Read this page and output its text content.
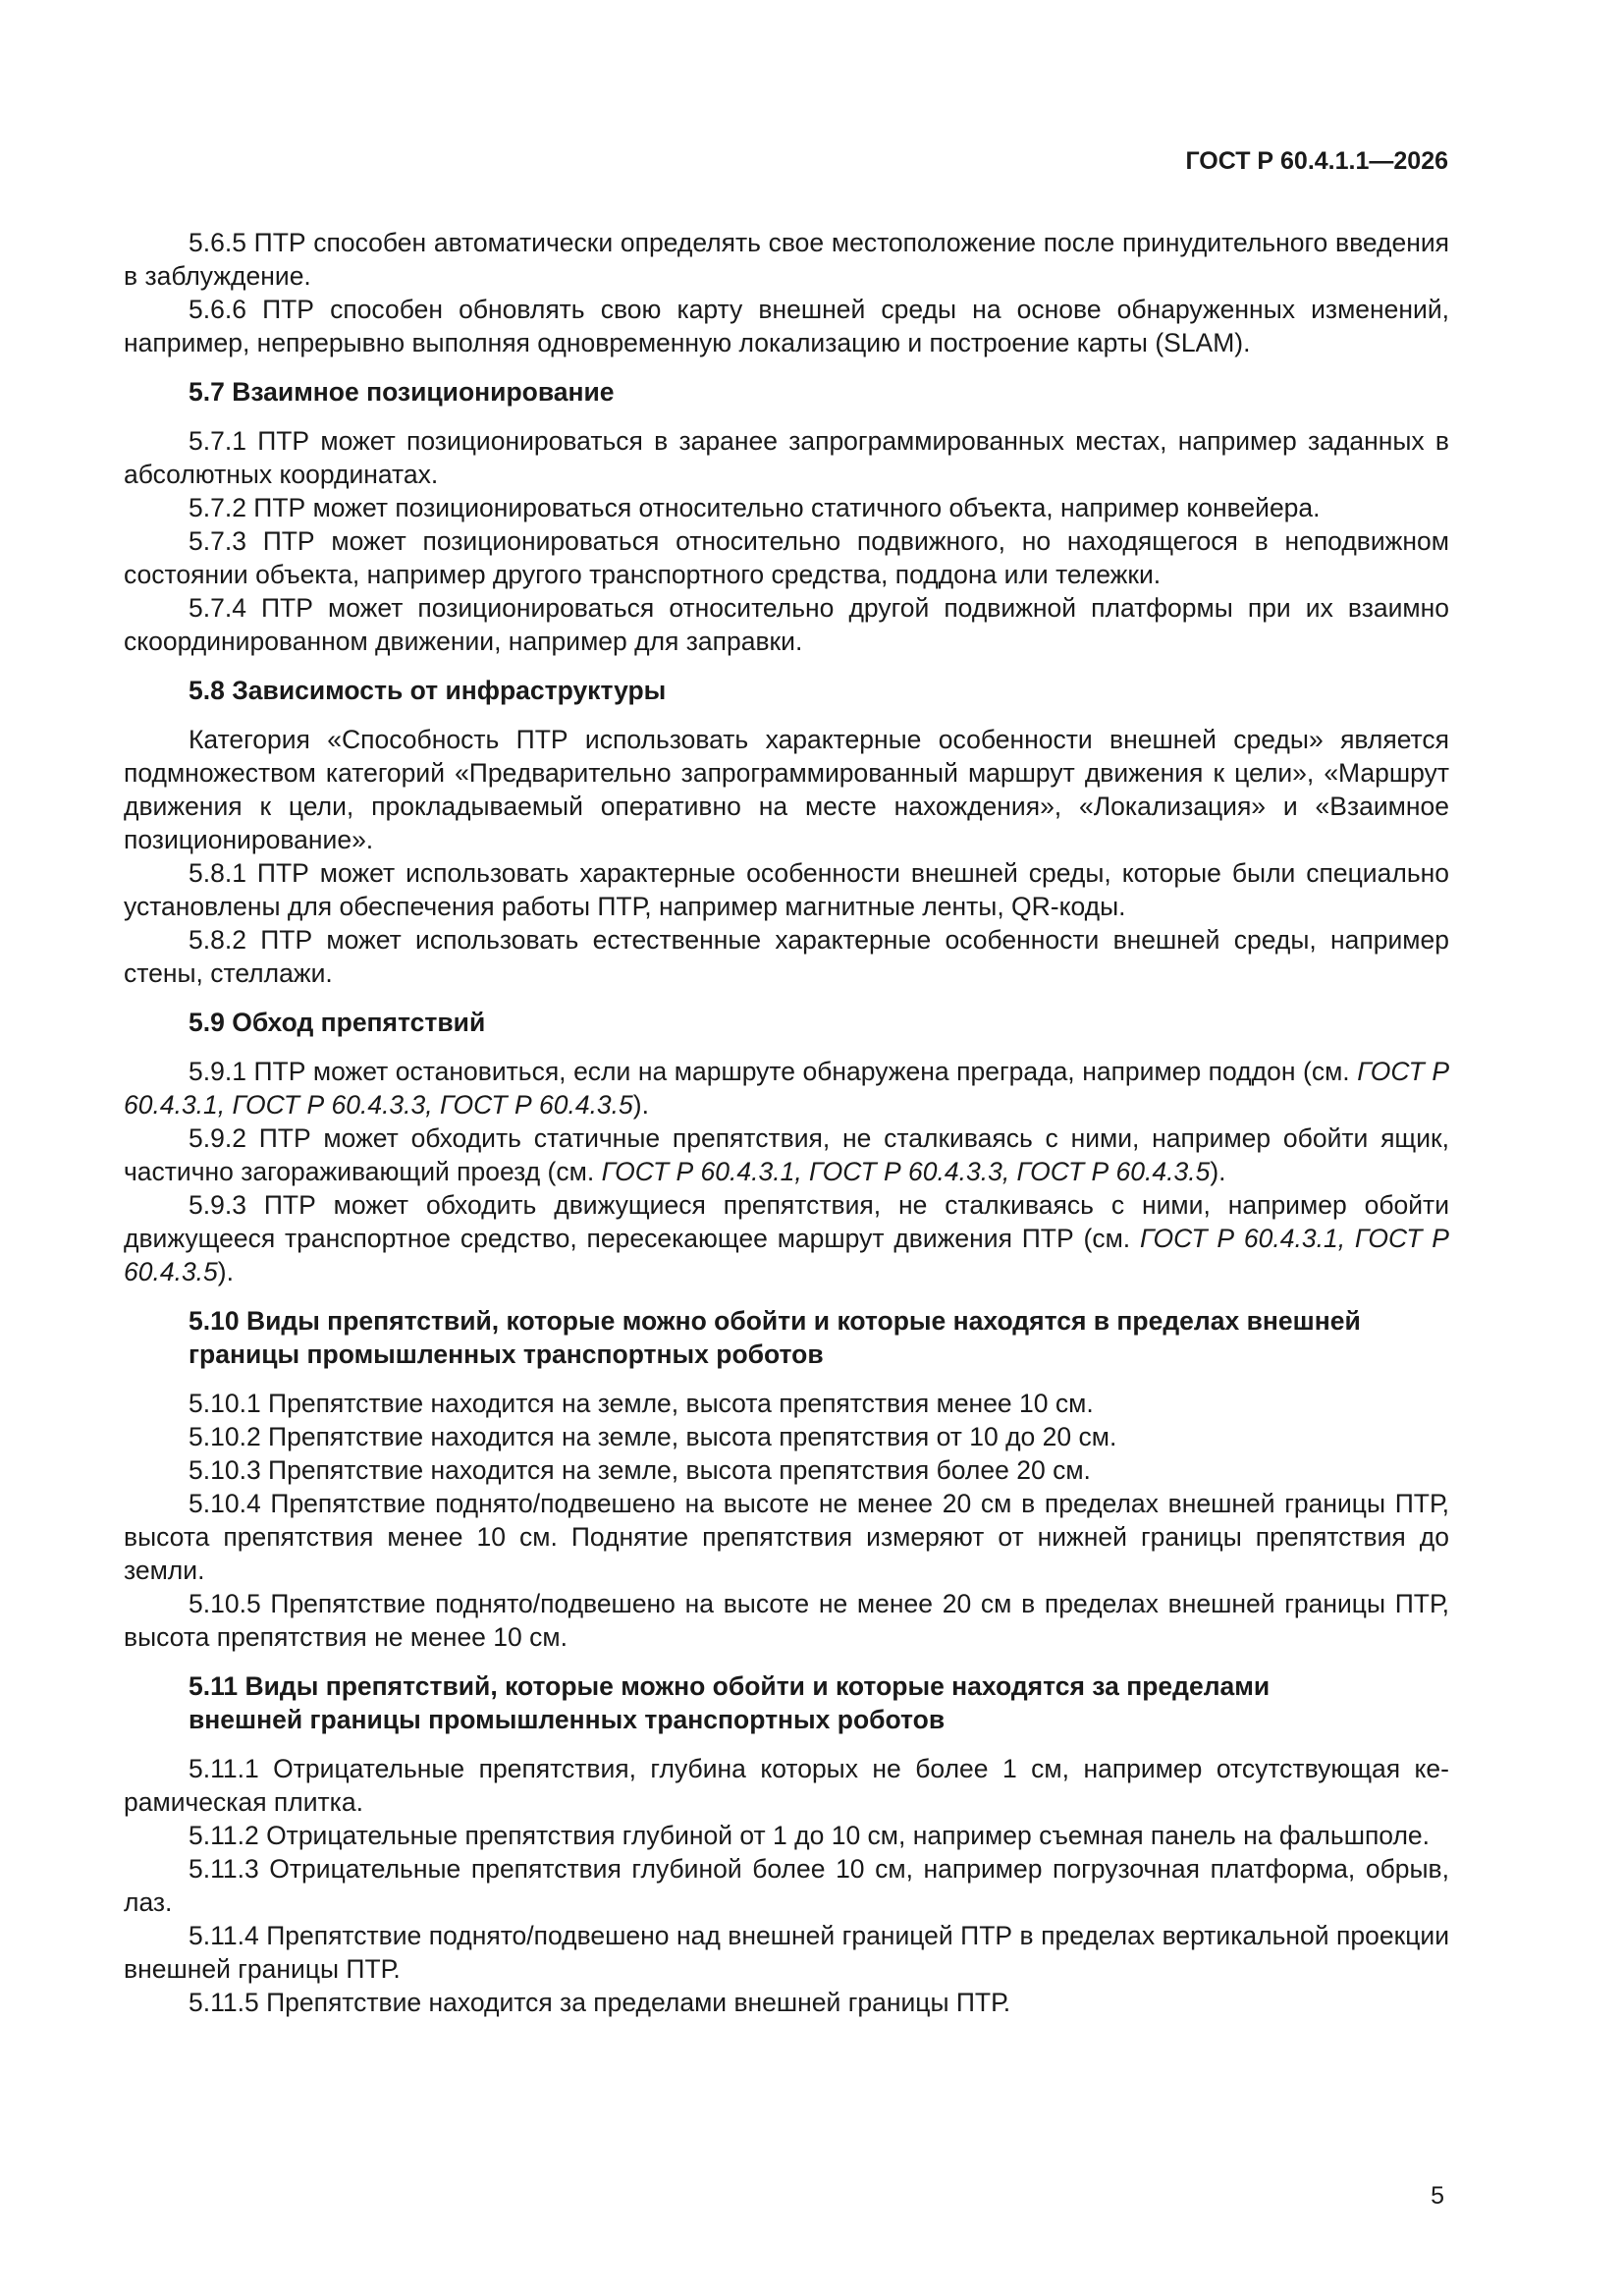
ГОСТ Р 60.4.1.1—2026

5.6.5 ПТР способен автоматически определять свое местоположение после принудительного введения в заблуждение.

5.6.6 ПТР способен обновлять свою карту внешней среды на основе обнаруженных изменений, например, непрерывно выполняя одновременную локализацию и построение карты (SLAM).

5.7 Взаимное позиционирование

5.7.1 ПТР может позиционироваться в заранее запрограммированных местах, например заданных в абсолютных координатах.

5.7.2 ПТР может позиционироваться относительно статичного объекта, например конвейера.

5.7.3 ПТР может позиционироваться относительно подвижного, но находящегося в неподвижном состоянии объекта, например другого транспортного средства, поддона или тележки.

5.7.4 ПТР может позиционироваться относительно другой подвижной платформы при их взаимно скоординированном движении, например для заправки.

5.8 Зависимость от инфраструктуры

Категория «Способность ПТР использовать характерные особенности внешней среды» является подмножеством категорий «Предварительно запрограммированный маршрут движения к цели», «Маршрут движения к цели, прокладываемый оперативно на месте нахождения», «Локализация» и «Взаимное позиционирование».

5.8.1 ПТР может использовать характерные особенности внешней среды, которые были специально установлены для обеспечения работы ПТР, например магнитные ленты, QR-коды.

5.8.2 ПТР может использовать естественные характерные особенности внешней среды, например стены, стеллажи.

5.9 Обход препятствий

5.9.1 ПТР может остановиться, если на маршруте обнаружена преграда, например поддон (см. ГОСТ Р 60.4.3.1, ГОСТ Р 60.4.3.3, ГОСТ Р 60.4.3.5).

5.9.2 ПТР может обходить статичные препятствия, не сталкиваясь с ними, например обойти ящик, частично загораживающий проезд (см. ГОСТ Р 60.4.3.1, ГОСТ Р 60.4.3.3, ГОСТ Р 60.4.3.5).

5.9.3 ПТР может обходить движущиеся препятствия, не сталкиваясь с ними, например обойти движущееся транспортное средство, пересекающее маршрут движения ПТР (см. ГОСТ Р 60.4.3.1, ГОСТ Р 60.4.3.5).

5.10 Виды препятствий, которые можно обойти и которые находятся в пределах внешней

границы промышленных транспортных роботов

5.10.1 Препятствие находится на земле, высота препятствия менее 10 см.

5.10.2 Препятствие находится на земле, высота препятствия от 10 до 20 см.

5.10.3 Препятствие находится на земле, высота препятствия более 20 см.

5.10.4 Препятствие поднято/подвешено на высоте не менее 20 см в пределах внешней границы ПТР, высота препятствия менее 10 см. Поднятие препятствия измеряют от нижней границы препятствия до земли.

5.10.5 Препятствие поднято/подвешено на высоте не менее 20 см в пределах внешней границы ПТР, высота препятствия не менее 10 см.

5.11 Виды препятствий, которые можно обойти и которые находятся за пределами

внешней границы промышленных транспортных роботов

5.11.1 Отрицательные препятствия, глубина которых не более 1 см, например отсутствующая керамическая плитка.

5.11.2 Отрицательные препятствия глубиной от 1 до 10 см, например съемная панель на фальшполе.

5.11.3 Отрицательные препятствия глубиной более 10 см, например погрузочная платформа, обрыв, лаз.

5.11.4 Препятствие поднято/подвешено над внешней границей ПТР в пределах вертикальной проекции внешней границы ПТР.

5.11.5 Препятствие находится за пределами внешней границы ПТР.

5
